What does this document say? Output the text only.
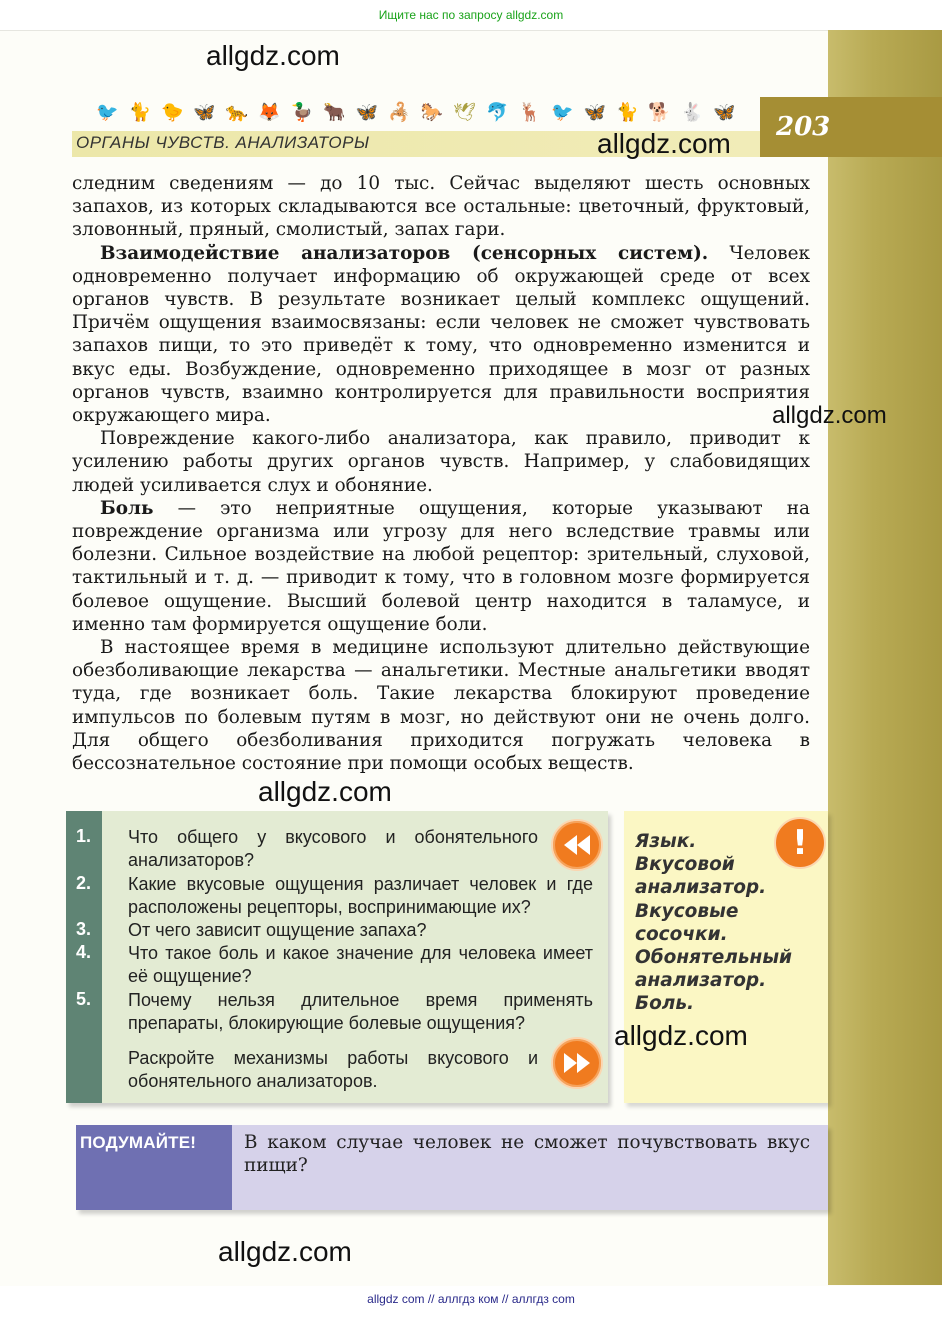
Ищите нас по запросу allgdz.com
allgdz.com
🐦 🐈 🐤 🦋 🐆 🦊 🦆 🐂 🦋 🦂 🐎 🕊 🐬 🦌 🐦 🦋 🐈 🐕 🐇 🦋
ОРГАНЫ ЧУВСТВ. АНАЛИЗАТОРЫ	allgdz.com
203

следним сведениям — до 10 тыс. Сейчас выделяют шесть основных запахов, из которых складываются все остальные: цветочный, фруктовый, зловонный, пряный, смолистый, запах гари.

Взаимодействие анализаторов (сенсорных систем). Человек одновременно получает информацию об окружающей среде от всех органов чувств. В результате возникает целый комплекс ощущений. Причём ощущения взаимосвязаны: если человек не сможет чувствовать запахов пищи, то это приведёт к тому, что одновременно изменится и вкус еды. Возбуждение, одновременно приходящее в мозг от разных органов чувств, взаимно контролируется для правильности восприятия окружающего мира.

Повреждение какого-либо анализатора, как правило, приводит к усилению работы других органов чувств. Например, у слабовидящих людей усиливается слух и обоняние.

Боль — это неприятные ощущения, которые указывают на повреждение организма или угрозу для него вследствие травмы или болезни. Сильное воздействие на любой рецептор: зрительный, слуховой, тактильный и т. д. — приводит к тому, что в головном мозге формируется болевое ощущение. Высший болевой центр находится в таламусе, и именно там формируется ощущение боли.

В настоящее время в медицине используют длительно действующие обезболивающие лекарства — анальгетики. Местные анальгетики вводят туда, где возникает боль. Такие лекарства блокируют проведение импульсов по болевым путям в мозг, но действуют они не очень долго. Для общего обезболивания приходится погружать человека в бессознательное состояние при помощи особых веществ.

allgdz.com
allgdz.com
1. Что общего у вкусового и обонятельного анализаторов?
2. Какие вкусовые ощущения различает человек и где расположены рецепторы, воспринимающие их?
3. От чего зависит ощущение запаха?
4. Что такое боль и какое значение для человека имеет её ощущение?
5. Почему нельзя длительное время применять препараты, блокирующие болевые ощущения?
Раскройте механизмы работы вкусового и обонятельного анализаторов.
Язык. Вкусовой анализатор. Вкусовые сосочки. Обонятельный анализатор. Боль.
!
allgdz.com
ПОДУМАЙТЕ!	В каком случае человек не сможет почувствовать вкус пищи?
allgdz.com
allgdz com // аллгдз ком // аллгдз com
